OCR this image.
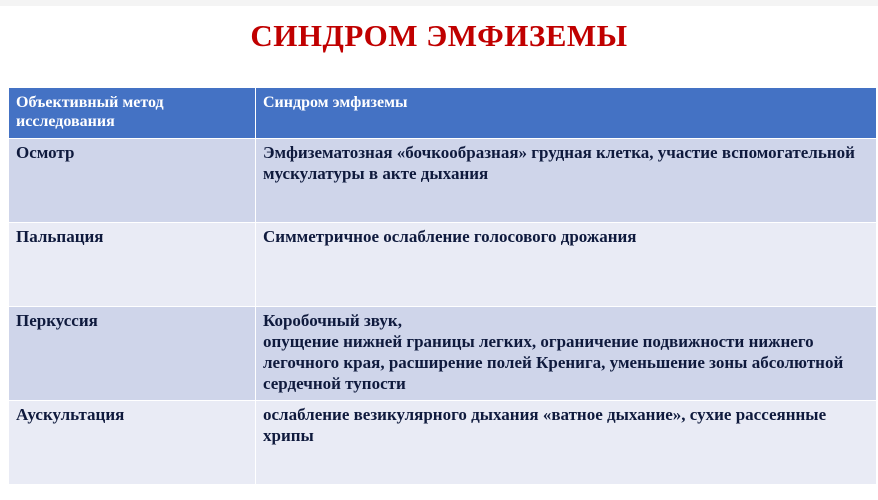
СИНДРОМ ЭМФИЗЕМЫ
Объективный метод исследования	Синдром эмфиземы
Осмотр	Эмфизематозная «бочкообразная» грудная клетка, участие вспомогательной мускулатуры в акте дыхания
Пальпация	Симметричное ослабление голосового дрожания
Перкуссия	Коробочный звук,
опущение нижней границы легких, ограничение подвижности нижнего легочного края, расширение полей Кренига, уменьшение зоны абсолютной сердечной тупости
Аускультация	ослабление везикулярного дыхания «ватное дыхание», сухие рассеянные хрипы
